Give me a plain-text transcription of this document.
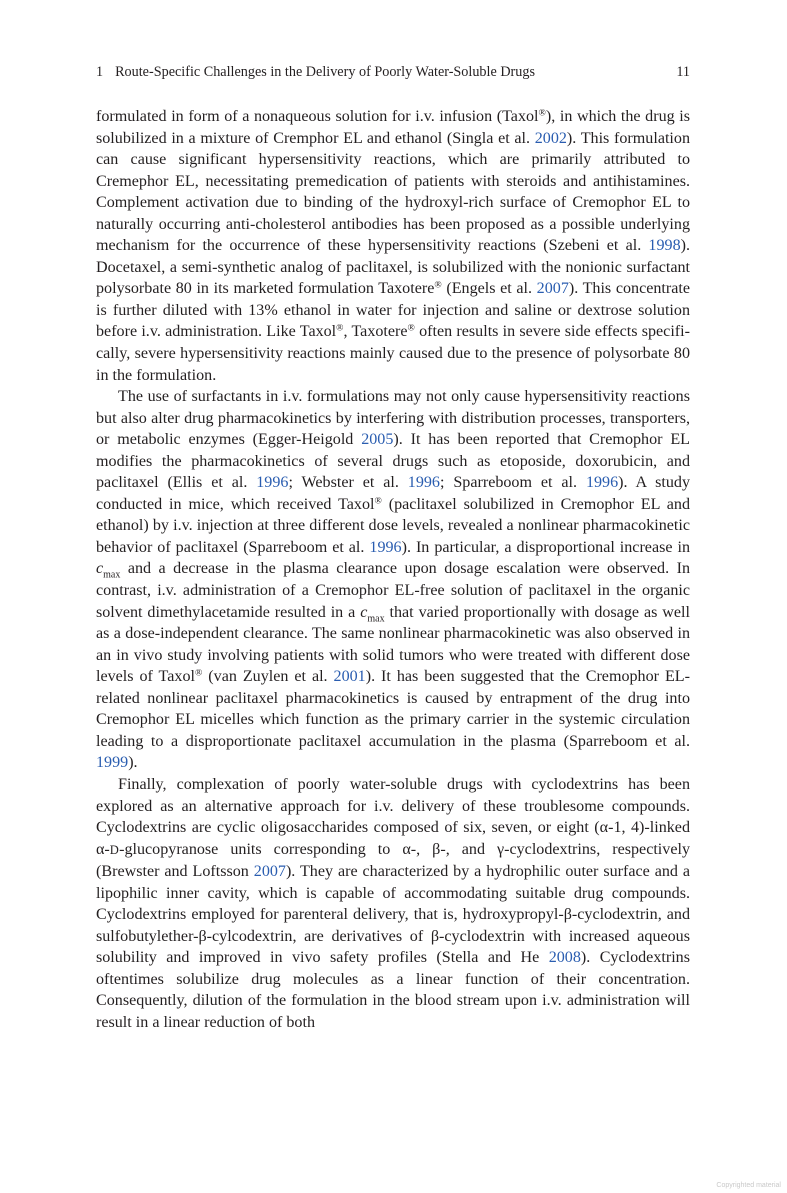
1 Route-Specific Challenges in the Delivery of Poorly Water-Soluble Drugs	11

formulated in form of a nonaqueous solution for i.v. infusion (Taxol®), in which the drug is solubilized in a mixture of Cremphor EL and ethanol (Singla et al. 2002). This formulation can cause significant hypersensitivity reactions, which are primarily attributed to Cremephor EL, necessitating premedication of patients with steroids and antihistamines. Complement activation due to binding of the hydroxyl-rich surface of Cremophor EL to naturally occurring anti-cholesterol antibodies has been proposed as a possible underlying mechanism for the occurrence of these hypersensitivity reactions (Szebeni et al. 1998). Docetaxel, a semi-synthetic analog of paclitaxel, is solubilized with the nonionic surfactant polysorbate 80 in its marketed formulation Taxotere® (Engels et al. 2007). This concentrate is further diluted with 13% ethanol in water for injection and saline or dextrose solution before i.v. administration. Like Taxol®, Taxotere® often results in severe side effects specifically, severe hypersensitivity reactions mainly caused due to the presence of polysorbate 80 in the formulation.

The use of surfactants in i.v. formulations may not only cause hypersensitivity reactions but also alter drug pharmacokinetics by interfering with distribution processes, transporters, or metabolic enzymes (Egger-Heigold 2005). It has been reported that Cremophor EL modifies the pharmacokinetics of several drugs such as etoposide, doxorubicin, and paclitaxel (Ellis et al. 1996; Webster et al. 1996; Sparreboom et al. 1996). A study conducted in mice, which received Taxol® (paclitaxel solubilized in Cremophor EL and ethanol) by i.v. injection at three different dose levels, revealed a nonlinear pharmacokinetic behavior of paclitaxel (Sparreboom et al. 1996). In particular, a disproportional increase in $c_{max}$ and a decrease in the plasma clearance upon dosage escalation were observed. In contrast, i.v. administration of a Cremophor EL-free solution of paclitaxel in the organic solvent dimethylacetamide resulted in a $c_{max}$ that varied proportionally with dosage as well as a dose-independent clearance. The same nonlinear pharmacokinetic was also observed in an in vivo study involving patients with solid tumors who were treated with different dose levels of Taxol® (van Zuylen et al. 2001). It has been suggested that the Cremophor EL-related nonlinear paclitaxel pharmacokinetics is caused by entrapment of the drug into Cremophor EL micelles which function as the primary carrier in the systemic circulation leading to a disproportionate paclitaxel accumulation in the plasma (Sparreboom et al. 1999).

Finally, complexation of poorly water-soluble drugs with cyclodextrins has been explored as an alternative approach for i.v. delivery of these troublesome compounds. Cyclodextrins are cyclic oligosaccharides composed of six, seven, or eight (α-1, 4)-linked α-D-glucopyranose units corresponding to α-, β-, and γ-cyclodextrins, respectively (Brewster and Loftsson 2007). They are characterized by a hydrophilic outer surface and a lipophilic inner cavity, which is capable of accommodating suitable drug compounds. Cyclodextrins employed for parenteral delivery, that is, hydroxypropyl-β-cyclodextrin, and sulfobutylether-β-cylcodextrin, are derivatives of β-cyclodextrin with increased aqueous solubility and improved in vivo safety profiles (Stella and He 2008). Cyclodextrins oftentimes solubilize drug molecules as a linear function of their concentration. Consequently, dilution of the formulation in the blood stream upon i.v. administration will result in a linear reduction of both

Copyrighted material
